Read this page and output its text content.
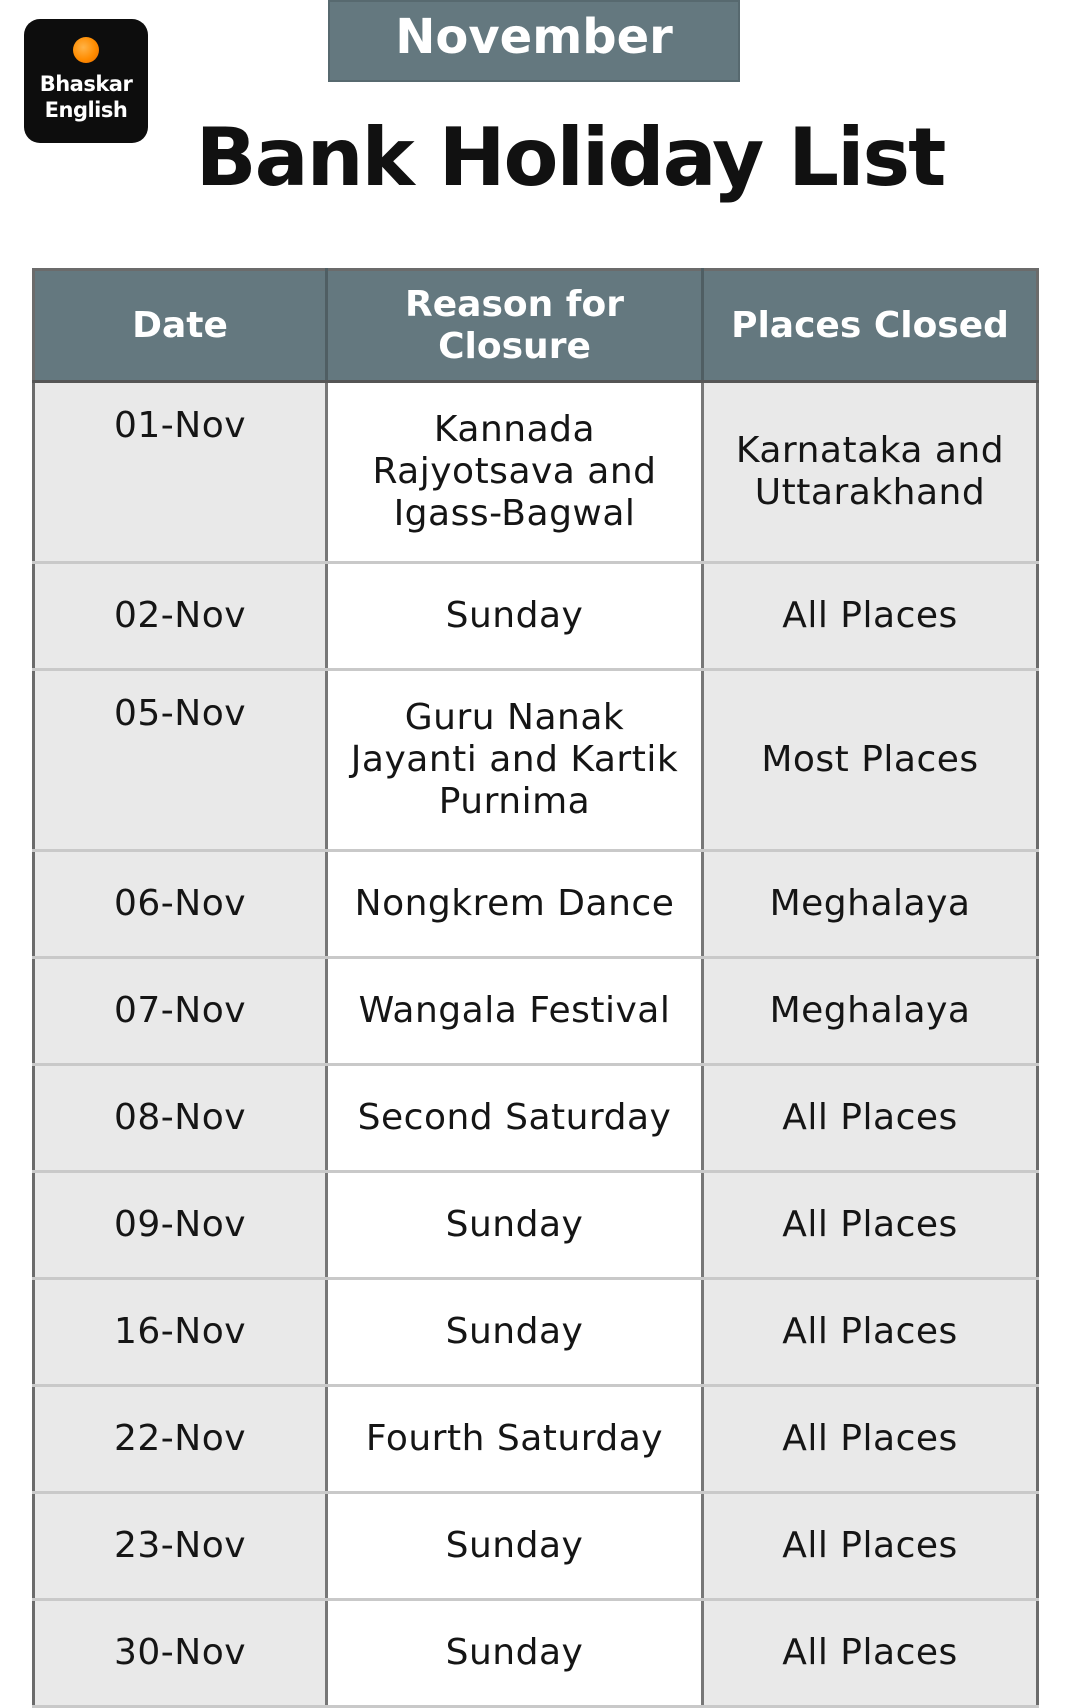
Bhaskar
English
November
Bank Holiday List
Date	Reason for Closure	Places Closed
01-Nov	Kannada Rajyotsava and Igass-Bagwal	Karnataka and Uttarakhand
02-Nov	Sunday	All Places
05-Nov	Guru Nanak Jayanti and Kartik Purnima	Most Places
06-Nov	Nongkrem Dance	Meghalaya
07-Nov	Wangala Festival	Meghalaya
08-Nov	Second Saturday	All Places
09-Nov	Sunday	All Places
16-Nov	Sunday	All Places
22-Nov	Fourth Saturday	All Places
23-Nov	Sunday	All Places
30-Nov	Sunday	All Places
